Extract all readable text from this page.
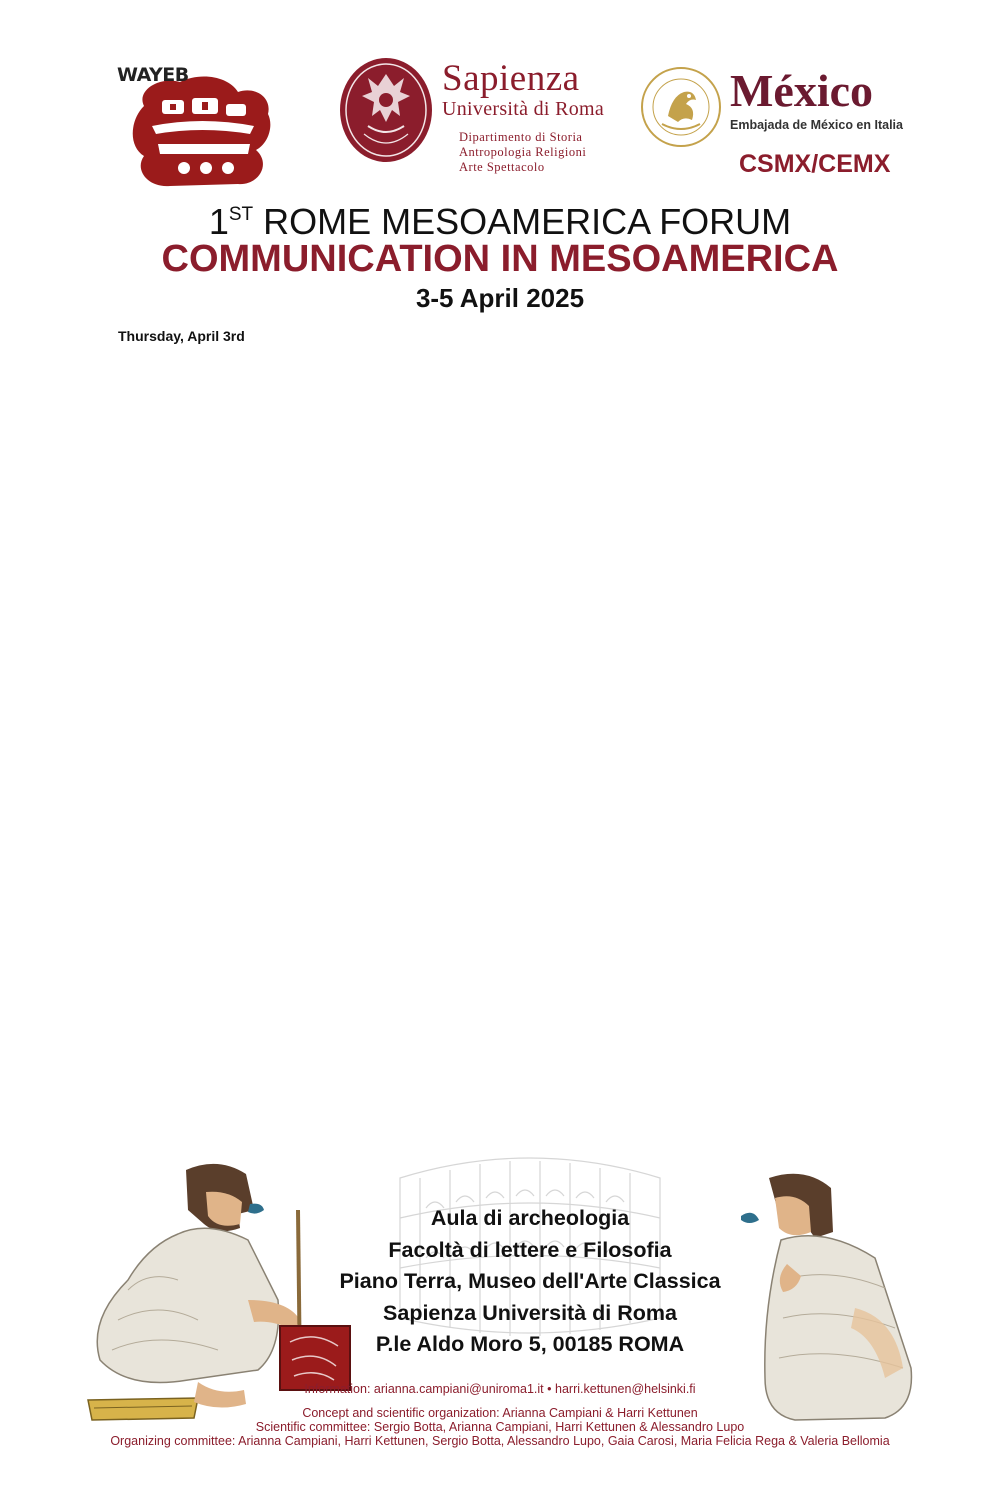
WAYEB	Sapienza
Università di Roma
Dipartimento di Storia
Antropologia Religioni
Arte Spettacolo
México
Embajada de México en Italia
CSMX/CEMX
1ST ROME MESOAMERICA FORUM
COMMUNICATION IN MESOAMERICA
3-5 April 2025
Thursday, April 3rd
Aula di archeologia
Facoltà di lettere e Filosofia
Piano Terra, Museo dell'Arte Classica
Sapienza Università di Roma
P.le Aldo Moro 5, 00185 ROMA
Information: arianna.campiani@uniroma1.it • harri.kettunen@helsinki.fi
Concept and scientific organization: Arianna Campiani & Harri Kettunen
Scientific committee: Sergio Botta, Arianna Campiani, Harri Kettunen & Alessandro Lupo
Organizing committee: Arianna Campiani, Harri Kettunen, Sergio Botta, Alessandro Lupo, Gaia Carosi, Maria Felicia Rega & Valeria Bellomia
